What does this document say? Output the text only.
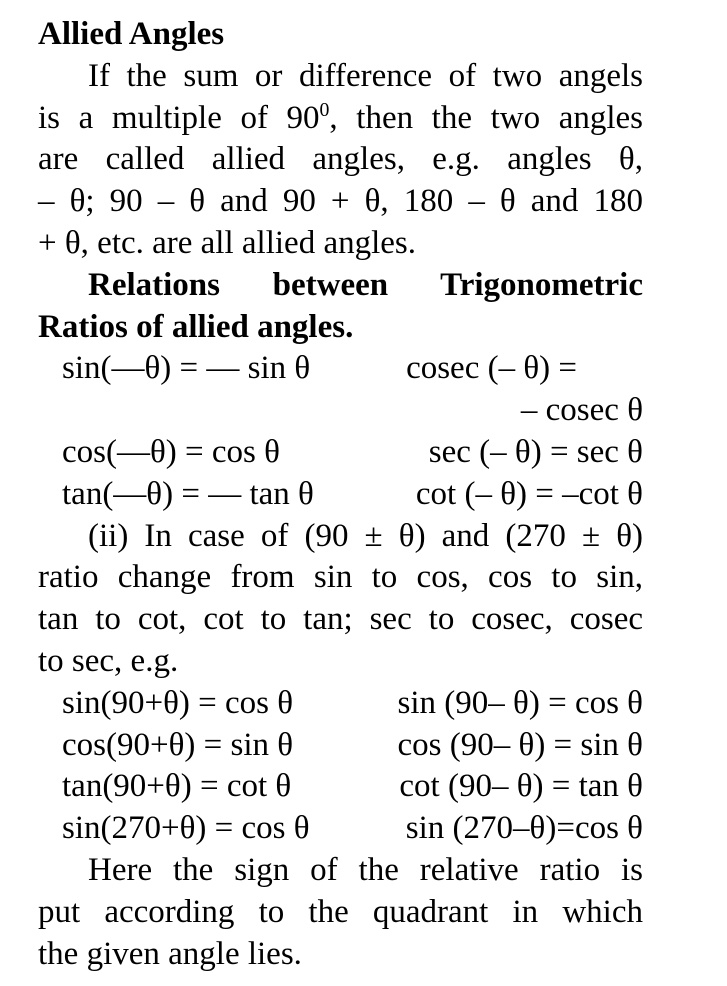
Allied Angles
If the sum or difference of two angels
is a multiple of $90^0$, then the two angles
are called allied angles, e.g. angles θ,
– θ; 90 – θ and 90 + θ, 180 – θ and 180
+ θ, etc. are all allied angles.
Relations between Trigonometric
Ratios of allied angles.
sin(—θ) = — sin θ	cosec (– θ) =
– cosec θ
cos(—θ) = cos θ	sec (– θ) = sec θ
tan(—θ) = — tan θ	cot (– θ) = –cot θ
(ii) In case of (90 ± θ) and (270 ± θ)
ratio change from sin to cos, cos to sin,
tan to cot, cot to tan; sec to cosec, cosec
to sec, e.g.
sin(90+θ) = cos θ	sin (90– θ) = cos θ
cos(90+θ) = sin θ	cos (90– θ) = sin θ
tan(90+θ) = cot θ	cot (90– θ) = tan θ
sin(270+θ) = cos θ	sin (270–θ)=cos θ
Here the sign of the relative ratio is
put according to the quadrant in which
the given angle lies.
